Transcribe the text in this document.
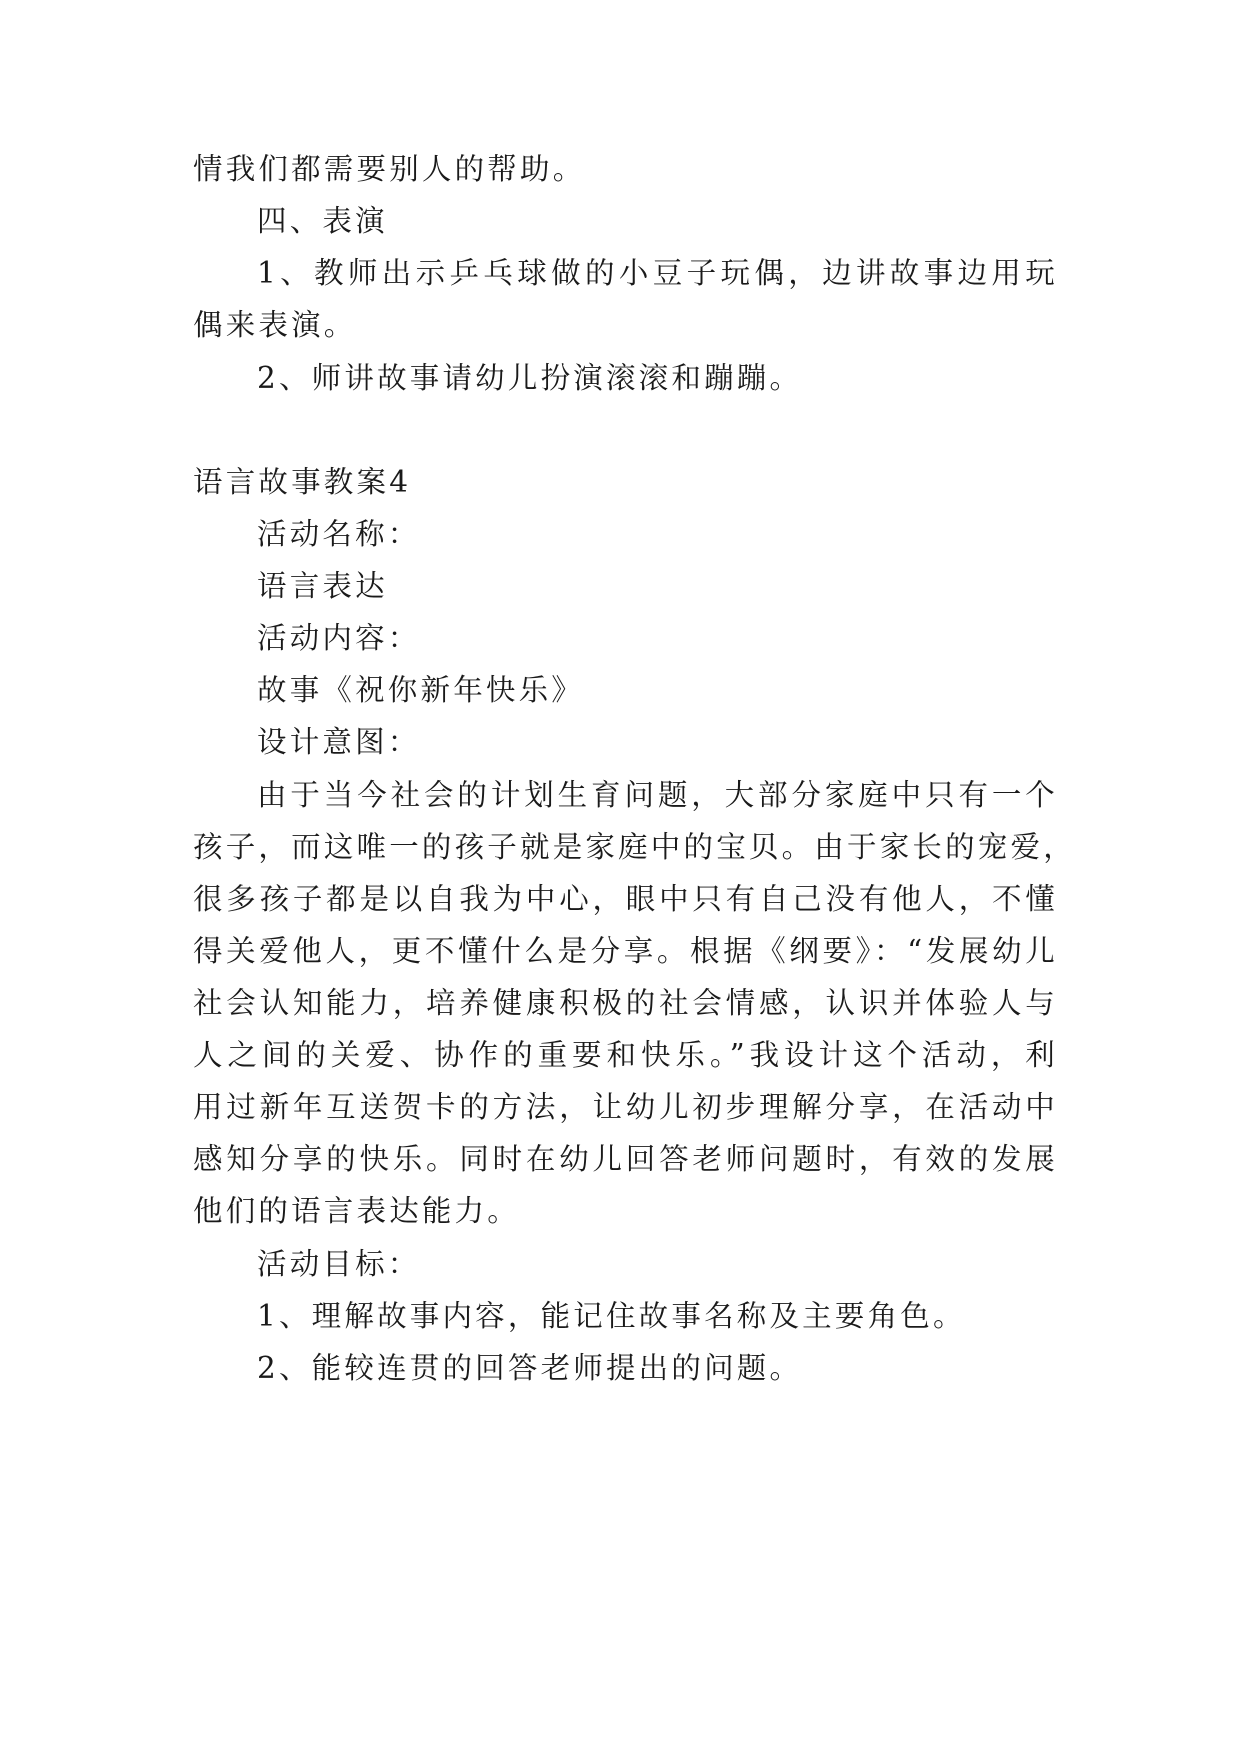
情我们都需要别人的帮助。
四、表演
1、教师出示乒乓球做的小豆子玩偶，边讲故事边用玩
偶来表演。
2、师讲故事请幼儿扮演滚滚和蹦蹦。
语言故事教案4
活动名称：
语言表达
活动内容：
故事《祝你新年快乐》
设计意图：
由于当今社会的计划生育问题，大部分家庭中只有一个
孩子，而这唯一的孩子就是家庭中的宝贝。由于家长的宠爱，
很多孩子都是以自我为中心，眼中只有自己没有他人，不懂
得关爱他人，更不懂什么是分享。根据《纲要》：“发展幼儿
社会认知能力，培养健康积极的社会情感，认识并体验人与
人之间的关爱、协作的重要和快乐。”我设计这个活动，利
用过新年互送贺卡的方法，让幼儿初步理解分享，在活动中
感知分享的快乐。同时在幼儿回答老师问题时，有效的发展
他们的语言表达能力。
活动目标：
1、理解故事内容，能记住故事名称及主要角色。
2、能较连贯的回答老师提出的问题。
